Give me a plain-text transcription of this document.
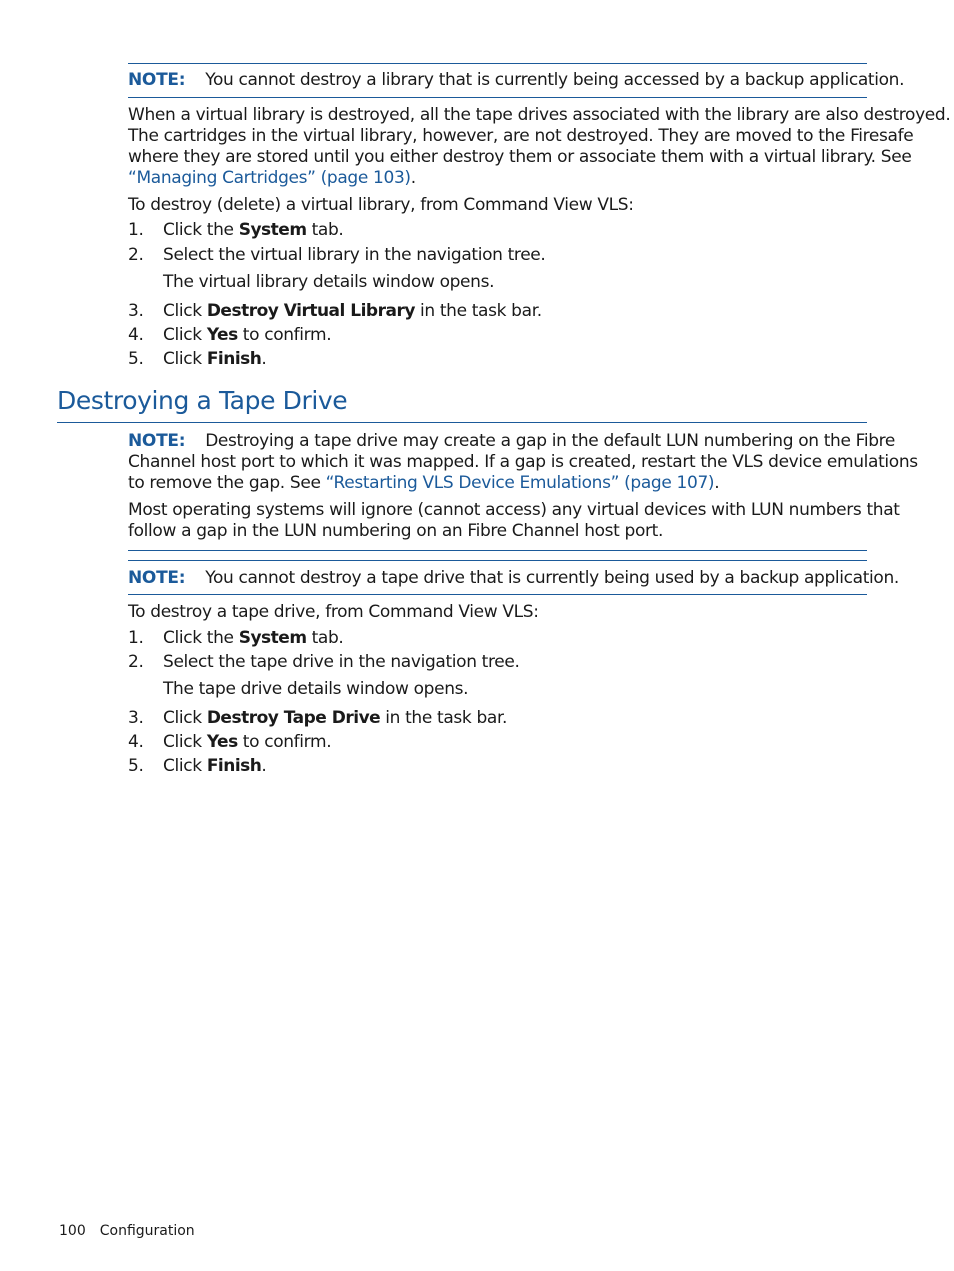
NOTE: You cannot destroy a library that is currently being accessed by a backup application.
When a virtual library is destroyed, all the tape drives associated with the library are also destroyed.
The cartridges in the virtual library, however, are not destroyed. They are moved to the Firesafe
where they are stored until you either destroy them or associate them with a virtual library. See
“Managing Cartridges” (page 103).
To destroy (delete) a virtual library, from Command View VLS:
1. Click the System tab.
2. Select the virtual library in the navigation tree.
The virtual library details window opens.
3. Click Destroy Virtual Library in the task bar.
4. Click Yes to confirm.
5. Click Finish.
Destroying a Tape Drive
NOTE: Destroying a tape drive may create a gap in the default LUN numbering on the Fibre
Channel host port to which it was mapped. If a gap is created, restart the VLS device emulations
to remove the gap. See “Restarting VLS Device Emulations” (page 107).
Most operating systems will ignore (cannot access) any virtual devices with LUN numbers that
follow a gap in the LUN numbering on an Fibre Channel host port.
NOTE: You cannot destroy a tape drive that is currently being used by a backup application.
To destroy a tape drive, from Command View VLS:
1. Click the System tab.
2. Select the tape drive in the navigation tree.
The tape drive details window opens.
3. Click Destroy Tape Drive in the task bar.
4. Click Yes to confirm.
5. Click Finish.
100 Configuration
